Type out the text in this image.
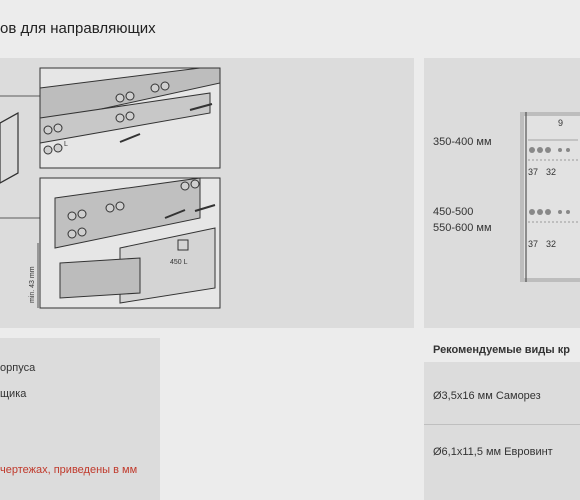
ов для направляющих
L
450 L
min. 43 mm
350-400 мм
450-500
550-600 мм
9
37 32
37 32
орпуса
щика
чертежах, приведены в мм
Рекомендуемые виды кр
Ø3,5x16 мм Саморез
Ø6,1x11,5 мм Евровинт
